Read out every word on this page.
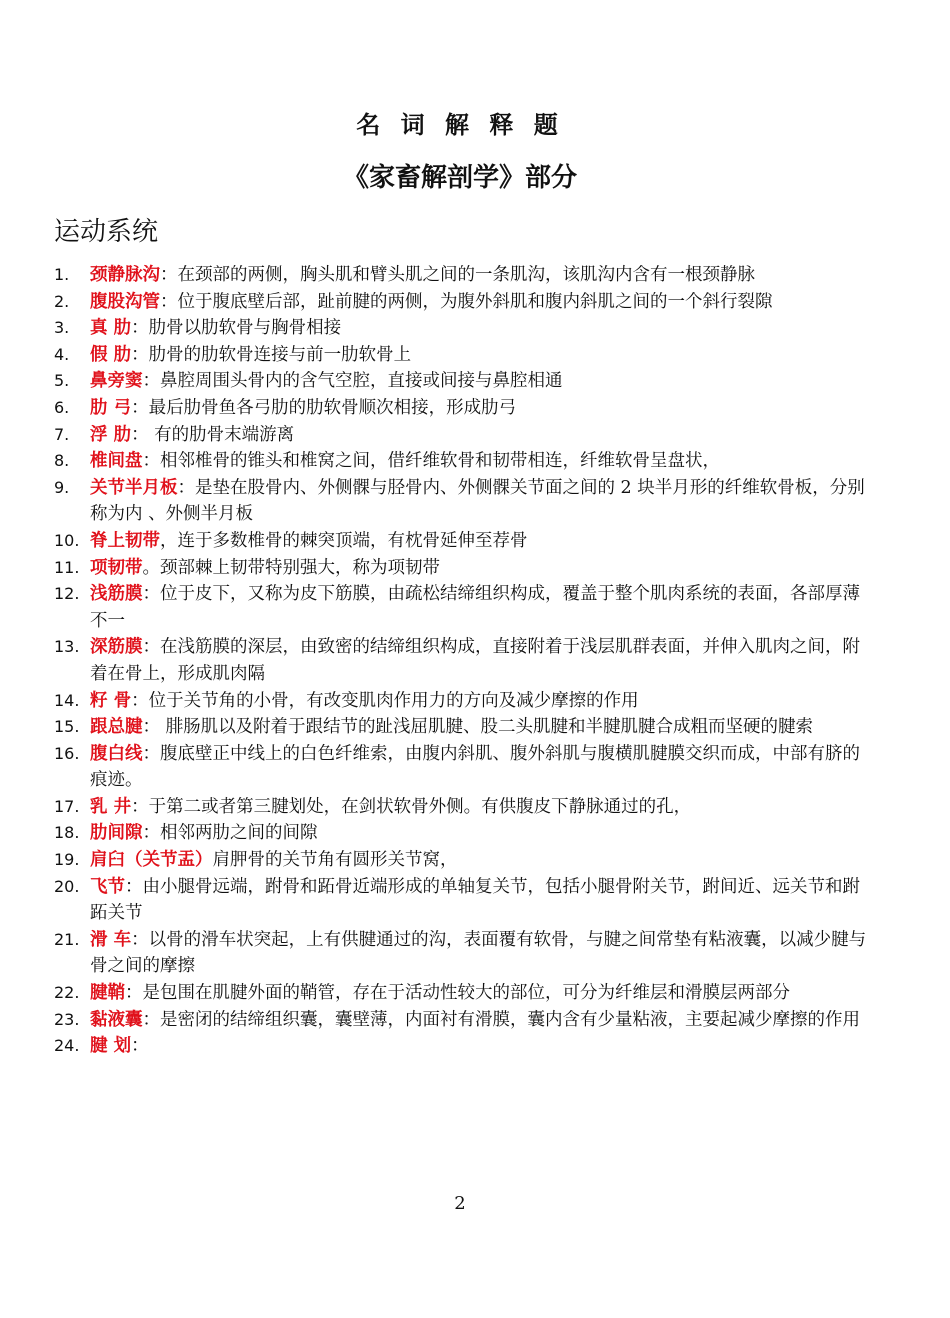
名 词 解 释 题
《家畜解剖学》部分
运动系统
1.	颈静脉沟：在颈部的两侧，胸头肌和臂头肌之间的一条肌沟，该肌沟内含有一根颈静脉
2.	腹股沟管：位于腹底壁后部，趾前腱的两侧，为腹外斜肌和腹内斜肌之间的一个斜行裂隙
3.	真 肋：肋骨以肋软骨与胸骨相接
4.	假 肋：肋骨的肋软骨连接与前一肋软骨上
5.	鼻旁窦：鼻腔周围头骨内的含气空腔，直接或间接与鼻腔相通
6.	肋 弓：最后肋骨鱼各弓肋的肋软骨顺次相接，形成肋弓
7.	浮 肋： 有的肋骨末端游离
8.	椎间盘：相邻椎骨的锥头和椎窝之间，借纤维软骨和韧带相连，纤维软骨呈盘状，
9.	关节半月板：是垫在股骨内、外侧髁与胫骨内、外侧髁关节面之间的 2 块半月形的纤维软骨板，分别称为内 、外侧半月板
10. 脊上韧带，连于多数椎骨的棘突顶端，有枕骨延伸至荐骨
11. 项韧带。颈部棘上韧带特别强大，称为项韧带
12. 浅筋膜：位于皮下，又称为皮下筋膜，由疏松结缔组织构成，覆盖于整个肌肉系统的表面，各部厚薄不一
13. 深筋膜：在浅筋膜的深层，由致密的结缔组织构成，直接附着于浅层肌群表面，并伸入肌肉之间，附着在骨上，形成肌肉隔
14. 籽 骨：位于关节角的小骨，有改变肌肉作用力的方向及减少摩擦的作用
15. 跟总腱： 腓肠肌以及附着于跟结节的趾浅屈肌腱、股二头肌腱和半腱肌腱合成粗而坚硬的腱索
16. 腹白线：腹底壁正中线上的白色纤维索，由腹内斜肌、腹外斜肌与腹横肌腱膜交织而成，中部有脐的痕迹。
17. 乳 井：于第二或者第三腱划处，在剑状软骨外侧。有供腹皮下静脉通过的孔，
18. 肋间隙：相邻两肋之间的间隙
19. 肩臼（关节盂）肩胛骨的关节角有圆形关节窝，
20. 飞节：由小腿骨远端，跗骨和跖骨近端形成的单轴复关节，包括小腿骨附关节，跗间近、远关节和跗跖关节
21. 滑 车：以骨的滑车状突起，上有供腱通过的沟，表面覆有软骨，与腱之间常垫有粘液囊，以减少腱与骨之间的摩擦
22. 腱鞘：是包围在肌腱外面的鞘管，存在于活动性较大的部位，可分为纤维层和滑膜层两部分
23. 黏液囊：是密闭的结缔组织囊，囊壁薄，内面衬有滑膜，囊内含有少量粘液，主要起减少摩擦的作用
24. 腱 划：
2
